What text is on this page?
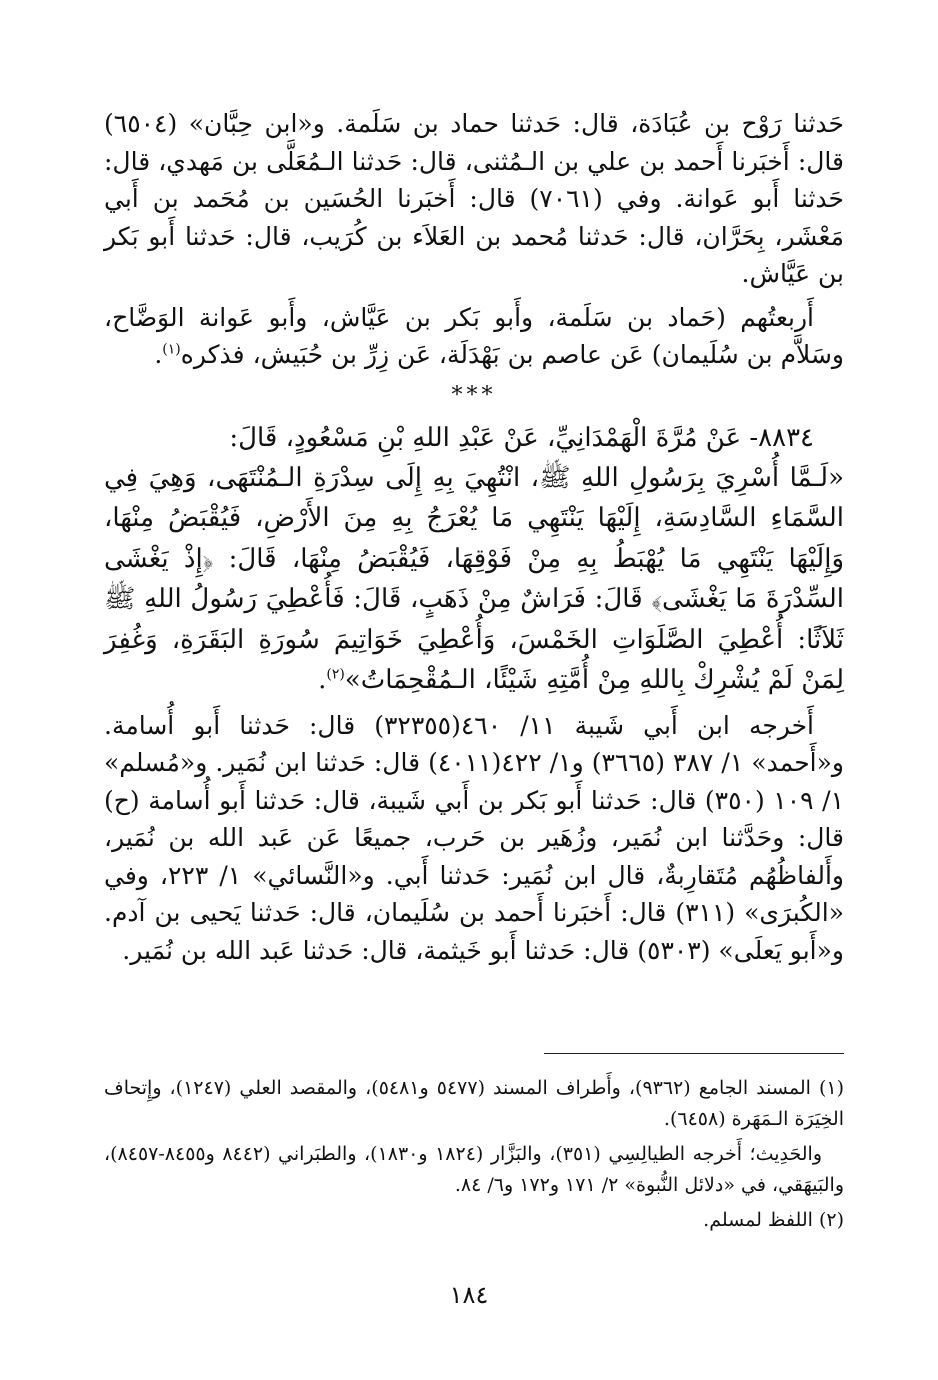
حَدثنا رَوْح بن عُبَادَة، قال: حَدثنا حماد بن سَلَمة. و«ابن حِبَّان» (٦٥٠٤) قال: أَخبَرنا أَحمد بن علي بن الـمُثنى، قال: حَدثنا الـمُعَلَّى بن مَهدي، قال: حَدثنا أَبو عَوانة. وفي (٧٠٦١) قال: أَخبَرنا الحُسَين بن مُحَمد بن أَبي مَعْشَر، بِحَرَّان، قال: حَدثنا مُحمد بن العَلاَء بن كُرَيب، قال: حَدثنا أَبو بَكر بن عَيَّاش.

أَربعتُهم (حَماد بن سَلَمة، وأَبو بَكر بن عَيَّاش، وأَبو عَوانة الوَضَّاح، وسَلاَّم بن سُلَيمان) عَن عاصم بن بَهْدَلَة، عَن زِرِّ بن حُبَيش، فذكره$^{(١)}$.

***

٨٨٣٤- عَنْ مُرَّةَ الْهَمْدَانِيِّ، عَنْ عَبْدِ اللهِ بْنِ مَسْعُودٍ، قَالَ:

«لَـمَّا أُسْرِيَ بِرَسُولِ اللهِ ﷺ، انْتُهِيَ بِهِ إِلَى سِدْرَةِ الـمُنْتَهَى، وَهِيَ فِي السَّمَاءِ السَّادِسَةِ، إِلَيْهَا يَنْتَهِي مَا يُعْرَجُ بِهِ مِنَ الأَرْضِ، فَيُقْبَضُ مِنْهَا، وَإِلَيْهَا يَنْتَهِي مَا يُهْبَطُ بِهِ مِنْ فَوْقِهَا، فَيُقْبَضُ مِنْهَا، قَالَ: ﴿إِذْ يَغْشَى السِّدْرَةَ مَا يَغْشَى﴾ قَالَ: فَرَاشٌ مِنْ ذَهَبٍ، قَالَ: فَأُعْطِيَ رَسُولُ اللهِ ﷺ ثَلاَثًا: أُعْطِيَ الصَّلَوَاتِ الخَمْسَ، وَأُعْطِيَ خَوَاتِيمَ سُورَةِ البَقَرَةِ، وَغُفِرَ لِمَنْ لَمْ يُشْرِكْ بِاللهِ مِنْ أُمَّتِهِ شَيْئًا، الـمُقْحِمَاتُ»$^{(٢)}$.

أَخرجه ابن أَبي شَيبة ١١/ ٤٦٠(٣٢٣٥٥) قال: حَدثنا أَبو أُسامة. و«أَحمد» ١/ ٣٨٧ (٣٦٦٥) و١/ ٤٢٢(٤٠١١) قال: حَدثنا ابن نُمَير. و«مُسلم» ١/ ١٠٩ (٣٥٠) قال: حَدثنا أَبو بَكر بن أَبي شَيبة، قال: حَدثنا أَبو أُسامة (ح) قال: وحَدَّثنا ابن نُمَير، وزُهَير بن حَرب، جميعًا عَن عَبد الله بن نُمَير، وأَلفاظُهُم مُتَقارِبةٌ، قال ابن نُمَير: حَدثنا أَبي. و«النَّسائي» ١/ ٢٢٣، وفي «الكُبرَى» (٣١١) قال: أَخبَرنا أَحمد بن سُلَيمان، قال: حَدثنا يَحيى بن آدم. و«أَبو يَعلَى» (٥٣٠٣) قال: حَدثنا أَبو خَيثمة، قال: حَدثنا عَبد الله بن نُمَير.

(١) المسند الجامع (٩٣٦٢)، وأَطراف المسند (٥٤٧٧ و٥٤٨١)، والمقصد العلي (١٢٤٧)، وإِتحاف الخِيَرَة الـمَهَرة (٦٤٥٨).

والحَدِيث؛ أَخرجه الطيالِسِي (٣٥١)، والبَزَّار (١٨٢٤ و١٨٣٠)، والطبَراني (٨٤٤٢ و٨٤٥٥-٨٤٥٧)، والبَيهَقي، في «دلائل النُّبوة» ٢/ ١٧١ و١٧٢ و٦/ ٨٤.

(٢) اللفظ لمسلم.

١٨٤
